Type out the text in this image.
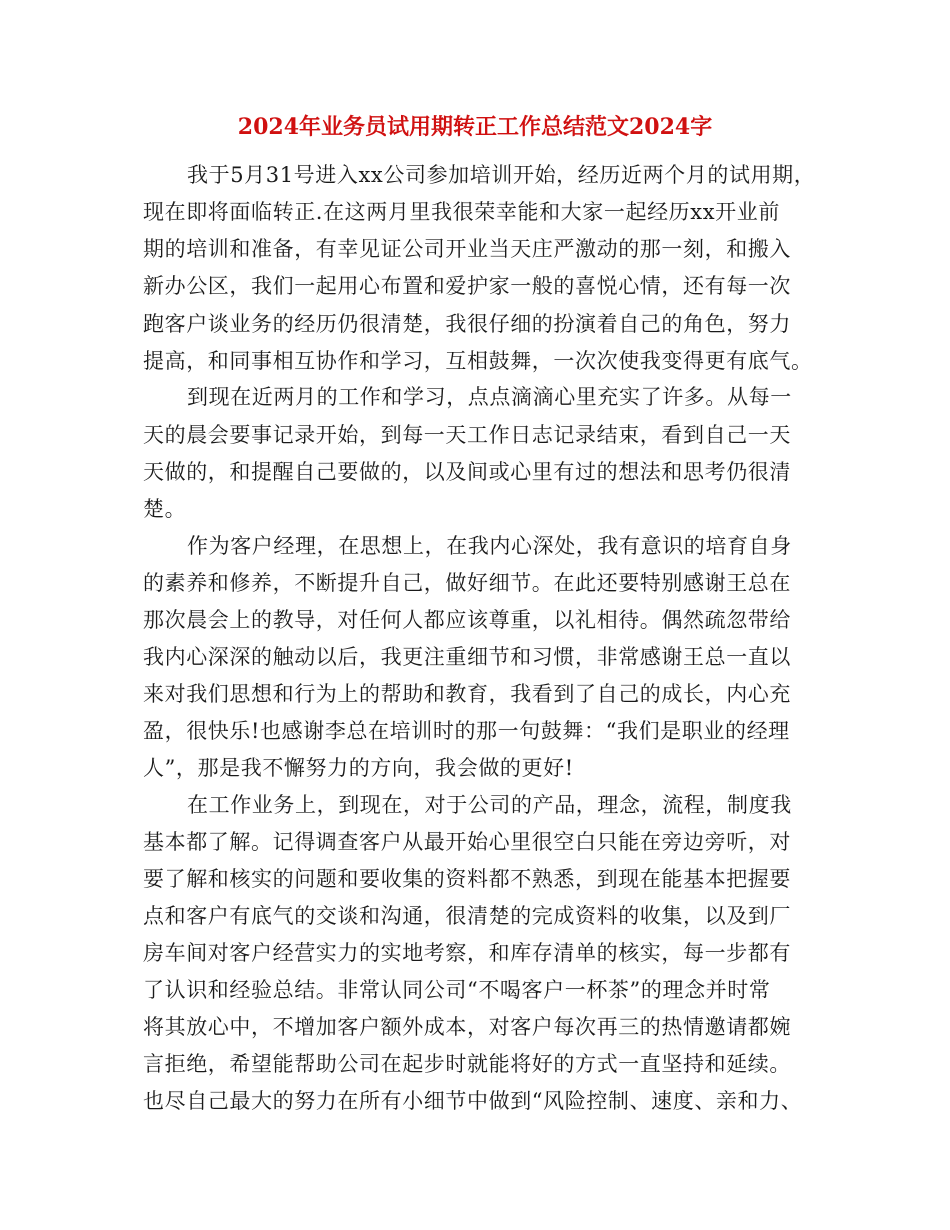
2024年业务员试用期转正工作总结范文2024字
我于5月31号进入xx公司参加培训开始，经历近两个月的试用期，
现在即将面临转正.在这两月里我很荣幸能和大家一起经历xx开业前
期的培训和准备，有幸见证公司开业当天庄严激动的那一刻，和搬入
新办公区，我们一起用心布置和爱护家一般的喜悦心情，还有每一次
跑客户谈业务的经历仍很清楚，我很仔细的扮演着自己的角色，努力
提高，和同事相互协作和学习，互相鼓舞，一次次使我变得更有底气。
到现在近两月的工作和学习，点点滴滴心里充实了许多。从每一
天的晨会要事记录开始，到每一天工作日志记录结束，看到自己一天
天做的，和提醒自己要做的，以及间或心里有过的想法和思考仍很清
楚。
作为客户经理，在思想上，在我内心深处，我有意识的培育自身
的素养和修养，不断提升自己，做好细节。在此还要特别感谢王总在
那次晨会上的教导，对任何人都应该尊重，以礼相待。偶然疏忽带给
我内心深深的触动以后，我更注重细节和习惯，非常感谢王总一直以
来对我们思想和行为上的帮助和教育，我看到了自己的成长，内心充
盈，很快乐!也感谢李总在培训时的那一句鼓舞：“我们是职业的经理
人”，那是我不懈努力的方向，我会做的更好!
在工作业务上，到现在，对于公司的产品，理念，流程，制度我
基本都了解。记得调查客户从最开始心里很空白只能在旁边旁听，对
要了解和核实的问题和要收集的资料都不熟悉，到现在能基本把握要
点和客户有底气的交谈和沟通，很清楚的完成资料的收集，以及到厂
房车间对客户经营实力的实地考察，和库存清单的核实，每一步都有
了认识和经验总结。非常认同公司“不喝客户一杯茶”的理念并时常
将其放心中，不增加客户额外成本，对客户每次再三的热情邀请都婉
言拒绝，希望能帮助公司在起步时就能将好的方式一直坚持和延续。
也尽自己最大的努力在所有小细节中做到“风险控制、速度、亲和力、
